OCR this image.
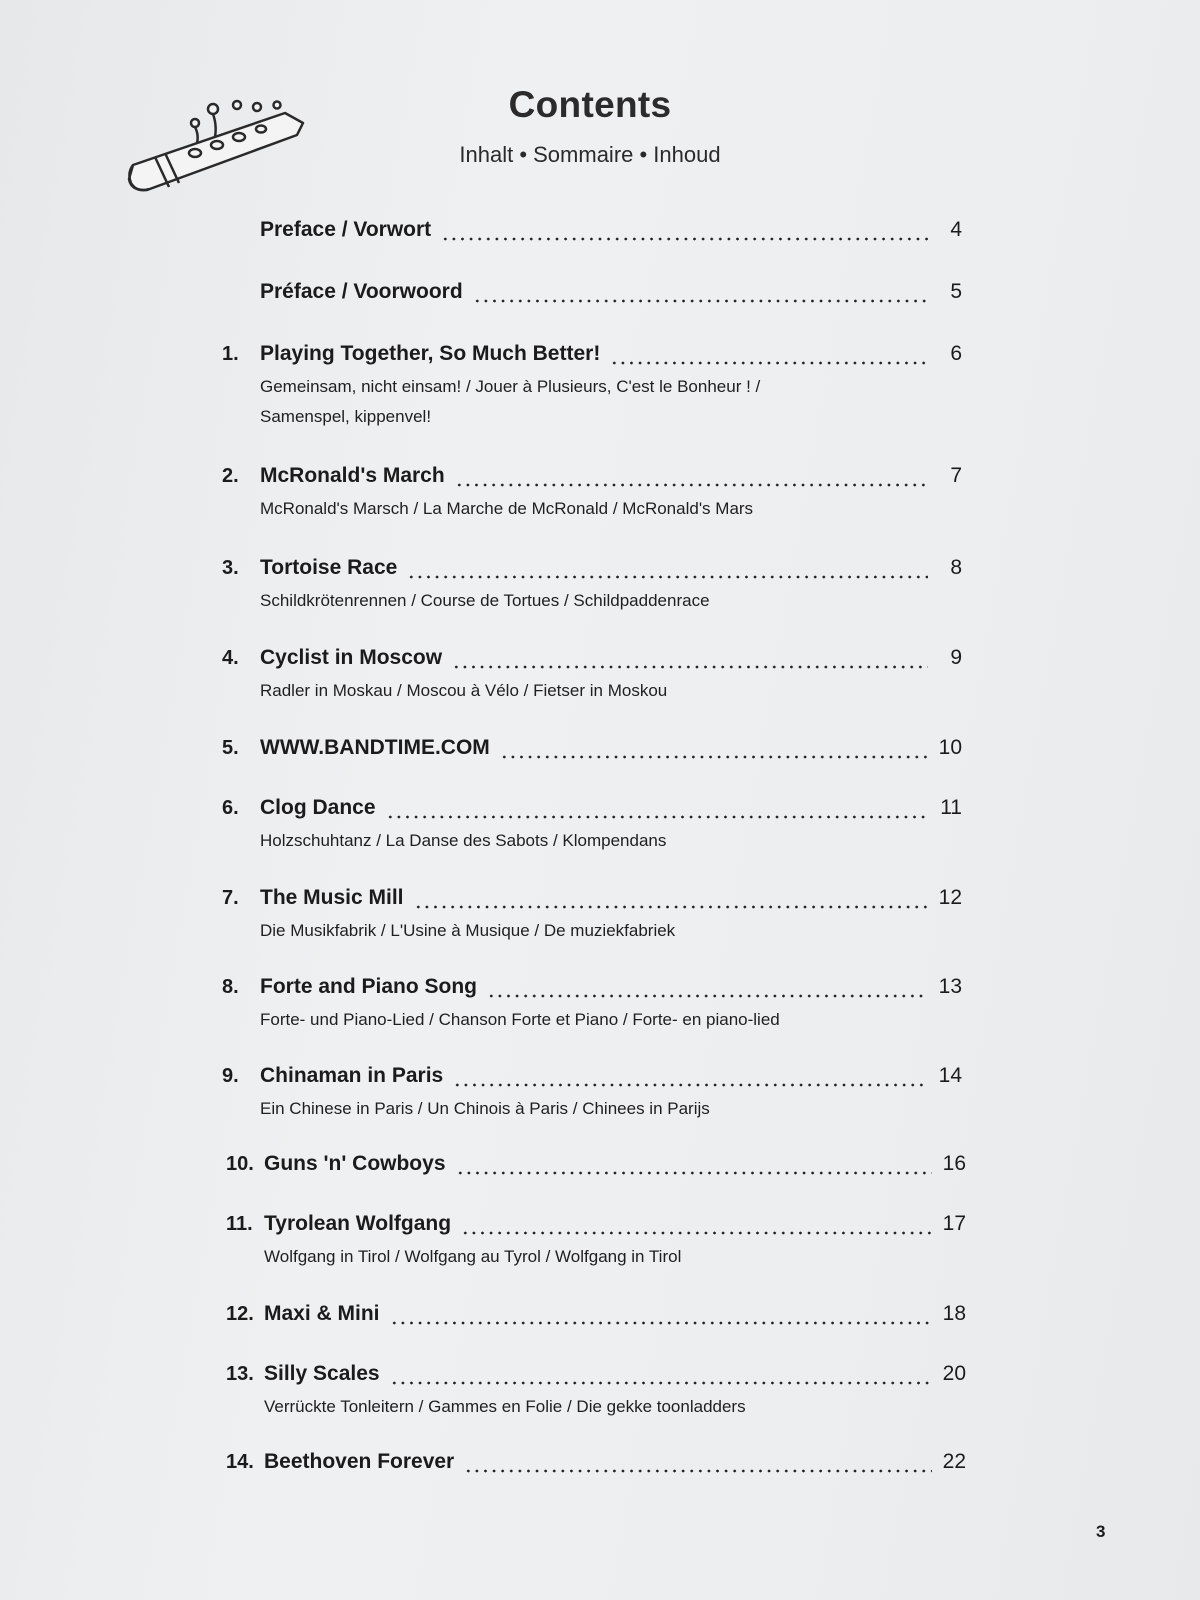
Contents
Inhalt • Sommaire • Inhoud
Preface / Vorwort	4
Préface / Voorwoord	5
1.	Playing Together, So Much Better!	6
Gemeinsam, nicht einsam! / Jouer à Plusieurs, C'est le Bonheur ! /
Samenspel, kippenvel!
2.	McRonald's March	7
McRonald's Marsch / La Marche de McRonald / McRonald's Mars
3.	Tortoise Race	8
Schildkrötenrennen / Course de Tortues / Schildpaddenrace
4.	Cyclist in Moscow	9
Radler in Moskau / Moscou à Vélo / Fietser in Moskou
5.	WWW.BANDTIME.COM	10
6.	Clog Dance	11
Holzschuhtanz / La Danse des Sabots / Klompendans
7.	The Music Mill	12
Die Musikfabrik / L'Usine à Musique / De muziekfabriek
8.	Forte and Piano Song	13
Forte- und Piano-Lied / Chanson Forte et Piano / Forte- en piano-lied
9.	Chinaman in Paris	14
Ein Chinese in Paris / Un Chinois à Paris / Chinees in Parijs
10. Guns 'n' Cowboys	16
11. Tyrolean Wolfgang	17
Wolfgang in Tirol / Wolfgang au Tyrol / Wolfgang in Tirol
12. Maxi & Mini	18
13. Silly Scales	20
Verrückte Tonleitern / Gammes en Folie / Die gekke toonladders
14. Beethoven Forever	22
3
